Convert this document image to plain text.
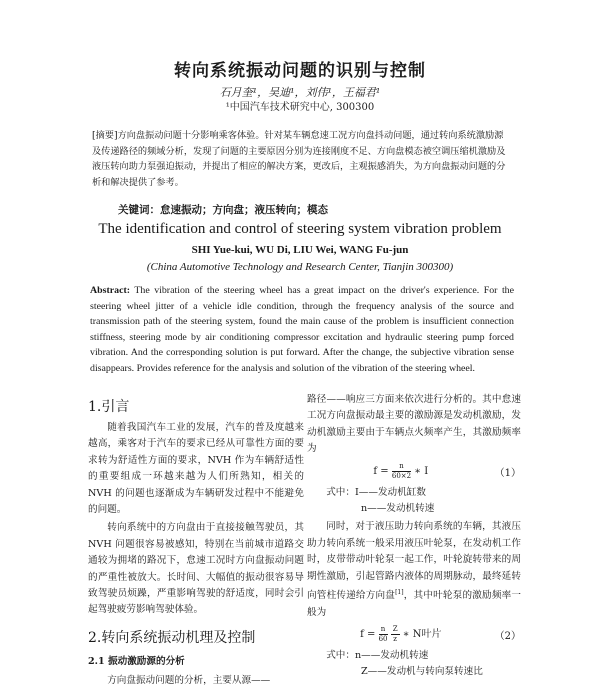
转向系统振动问题的识别与控制
石月奎¹，吴迪¹，刘伟¹，王福君¹
¹中国汽车技术研究中心, 300300
[摘要]方向盘振动问题十分影响乘客体验。针对某车辆怠速工况方向盘抖动问题，通过转向系统激励源及传递路径的频域分析，发现了问题的主要原因分别为连接刚度不足、方向盘模态被空调压缩机激励及液压转向助力泵强迫振动，并提出了相应的解决方案，更改后，主观振感消失，为方向盘振动问题的分析和解决提供了参考。
关键词：怠速振动；方向盘；液压转向；模态
The identification and control of steering system vibration problem
SHI Yue-kui, WU Di, LIU Wei, WANG Fu-jun
(China Automotive Technology and Research Center, Tianjin 300300)
Abstract: The vibration of the steering wheel has a great impact on the driver's experience. For the steering wheel jitter of a vehicle idle condition, through the frequency analysis of the source and transmission path of the steering system, found the main cause of the problem is insufficient connection stiffness, steering mode by air conditioning compressor excitation and hydraulic steering pump forced vibration. And the corresponding solution is put forward. After the change, the subjective vibration sense disappears. Provides reference for the analysis and solution of the vibration of the steering wheel.

1.引言

随着我国汽车工业的发展，汽车的普及度越来越高，乘客对于汽车的要求已经从可靠性方面的要求转为舒适性方面的要求，NVH 作为车辆舒适性的重要组成一环越来越为人们所熟知，相关的 NVH 的问题也逐渐成为车辆研发过程中不能避免的问题。

转向系统中的方向盘由于直接接触驾驶员，其 NVH 问题很容易被感知，特别在当前城市道路交通较为拥堵的路况下，怠速工况时方向盘振动问题的严重性被放大。长时间、大幅值的振动很容易导致驾驶员烦躁，严重影响驾驶的舒适度，同时会引起驾驶疲劳影响驾驶体验。

2.转向系统振动机理及控制

2.1 振动激励源的分析

方向盘振动问题的分析，主要从源——

路径——响应三方面来依次进行分析的。其中怠速工况方向盘振动最主要的激励源是发动机激励，发动机激励主要由于车辆点火频率产生，其激励频率为

$f = \frac{n}{60\times 2}$ ∗ I	（1）

式中：I——发动机缸数

n——发动机转速

同时，对于液压助力转向系统的车辆，其液压助力转向系统一般采用液压叶轮泵，在发动机工作时，皮带带动叶轮泵一起工作，叶轮旋转带来的周期性激励，引起管路内液体的周期脉动，最终延转向管柱传递给方向盘[1]，其中叶轮泵的激励频率一般为

$f = \frac{n}{60}$
$\frac{Z}{z}$ ∗ N叶片	（2）

式中：n——发动机转速

Z——发动机与转向泵转速比
